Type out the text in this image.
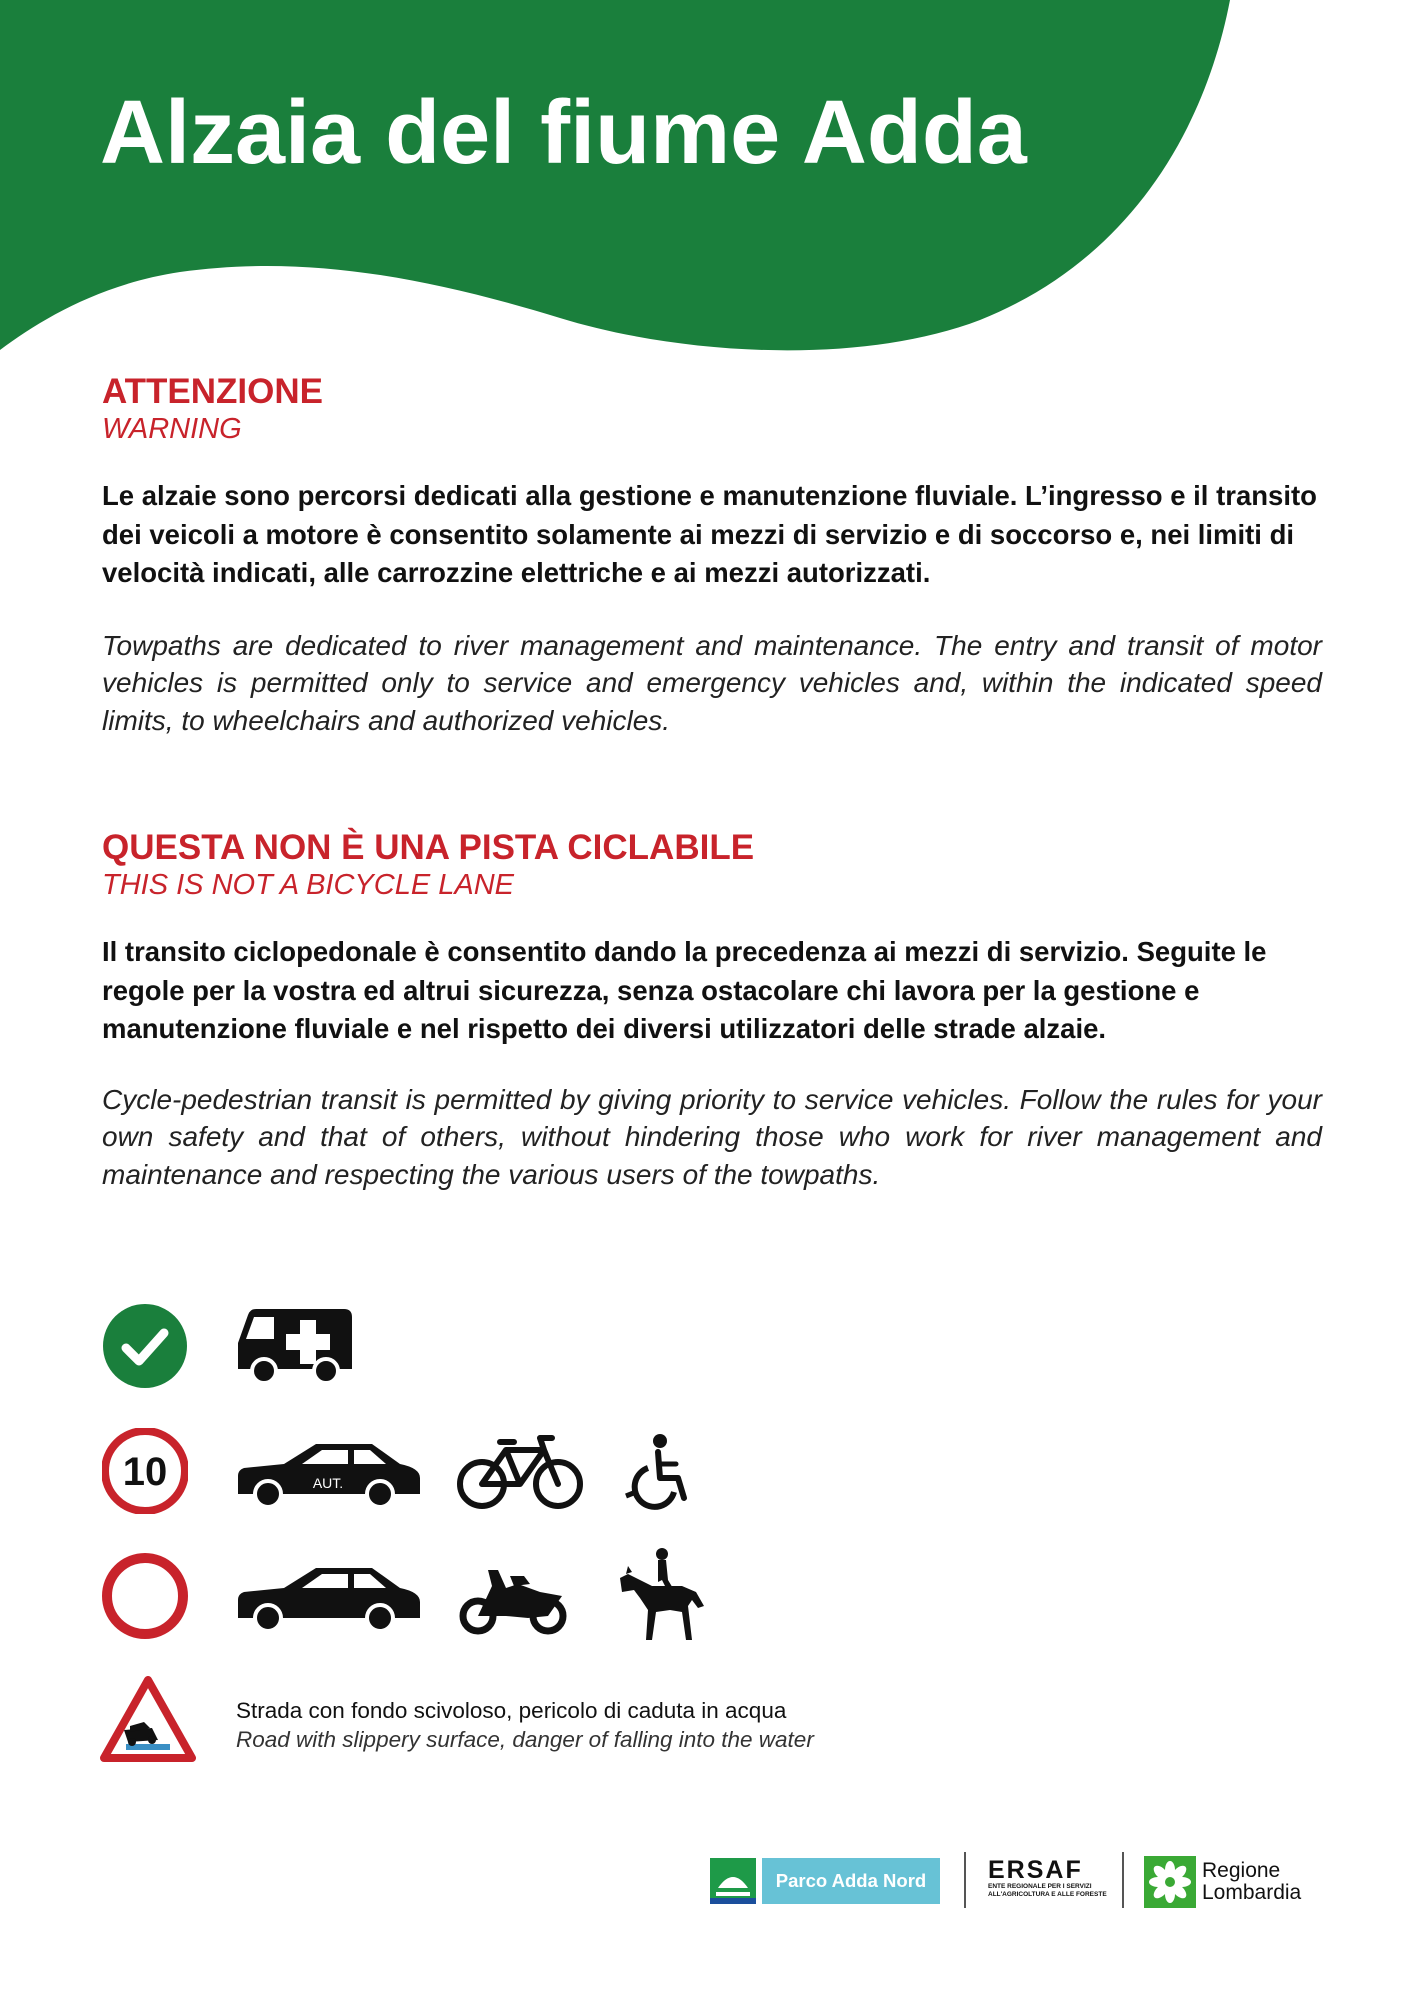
Alzaia del fiume Adda
ATTENZIONE

WARNING

Le alzaie sono percorsi dedicati alla gestione e manutenzione fluviale. L’ingresso e il transito dei veicoli a motore è consentito solamente ai mezzi di servizio e di soccorso e, nei limiti di velocità indicati, alle carrozzine elettriche e ai mezzi autorizzati.

Towpaths are dedicated to river management and maintenance. The entry and transit of motor vehicles is permitted only to service and emergency vehicles and, within the indicated speed limits, to wheelchairs and authorized vehicles.

QUESTA NON È UNA PISTA CICLABILE

THIS IS NOT A BICYCLE LANE

Il transito ciclopedonale è consentito dando la precedenza ai mezzi di servizio. Seguite le regole per la vostra ed altrui sicurezza, senza ostacolare chi lavora per la gestione e manutenzione fluviale e nel rispetto dei diversi utilizzatori delle strade alzaie.

Cycle-pedestrian transit is permitted by giving priority to service vehicles. Follow the rules for your own safety and that of others, without hindering those who work for river management and maintenance and respecting the various users of the towpaths.

10	AUT.
Strada con fondo scivoloso, pericolo di caduta in acqua
Road with slippery surface, danger of falling into the water
Parco Adda Nord	ERSAF
ENTE REGIONALE PER I SERVIZI
ALL'AGRICOLTURA E ALLE FORESTE
Regione
Lombardia
